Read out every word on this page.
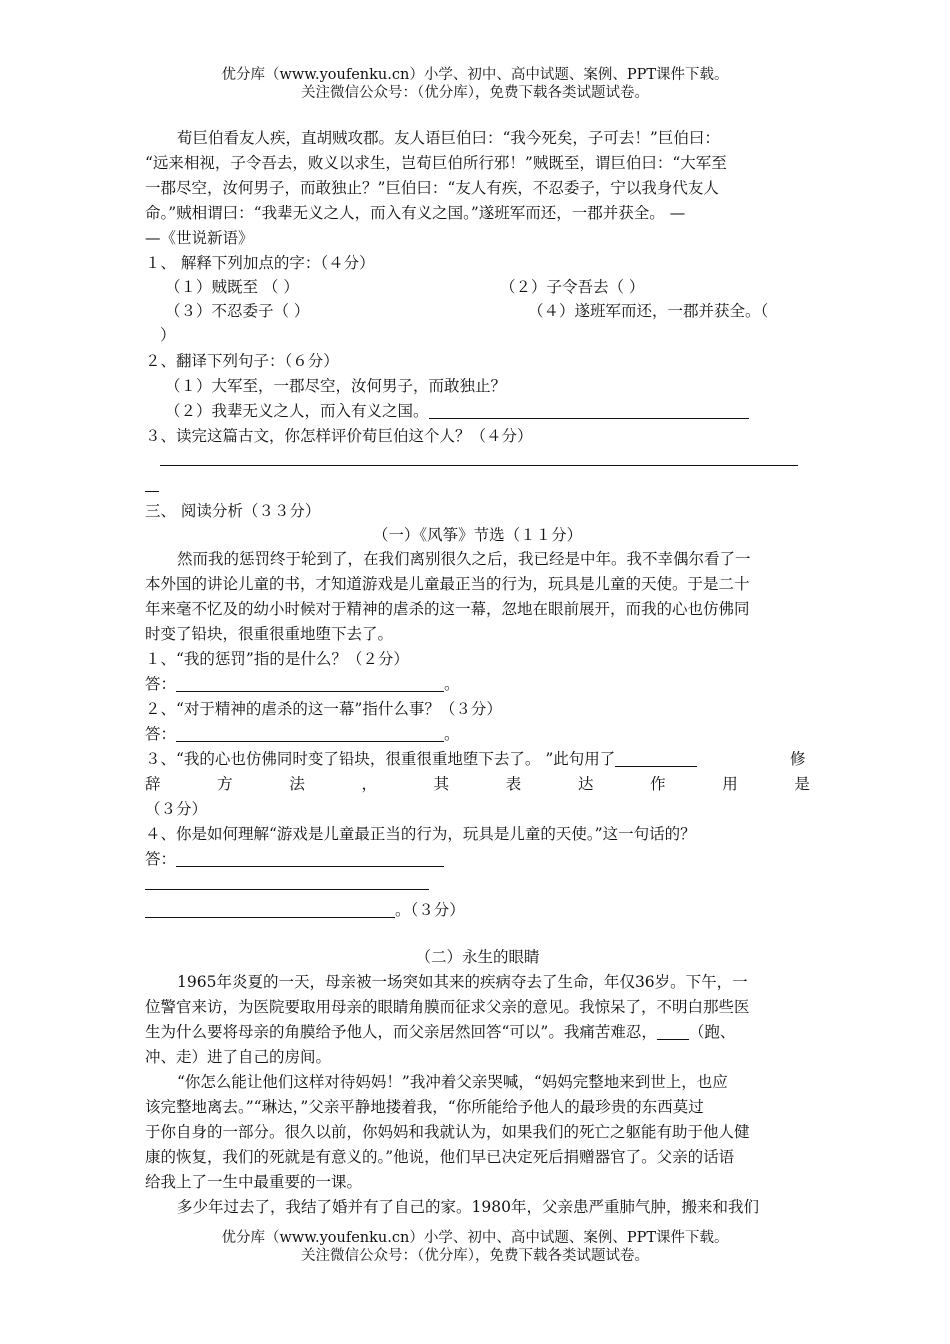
优分库（www.youfenku.cn）小学、初中、高中试题、案例、PPT课件下载。
关注微信公众号：（优分库），免费下载各类试题试卷。
荀巨伯看友人疾，直胡贼攻郡。友人语巨伯曰：“我今死矣，子可去！”巨伯曰：
“远来相视，子令吾去，败义以求生，岂荀巨伯所行邪！”贼既至，谓巨伯曰：“大军至
一郡尽空，汝何男子，而敢独止？”巨伯曰：“友人有疾，不忍委子，宁以我身代友人
命。”贼相谓曰：“我辈无义之人，而入有义之国。”遂班军而还，一郡并获全。 —
—《世说新语》
１、 解释下列加点的字：（４分）
（１）贼既至 （ ）	（２）子令吾去（ ）
（３）不忍委子（ ）	（４）遂班军而还，一郡并获全。（
）
２、翻译下列句子：（６分）
（１）大军至，一郡尽空，汝何男子，而敢独止？
（２）我辈无义之人，而入有义之国。
３、读完这篇古文，你怎样评价荀巨伯这个人？（４分）
三、 阅读分析（３３分）
（一）《风筝》节选（１１分）
然而我的惩罚终于轮到了，在我们离别很久之后，我已经是中年。我不幸偶尔看了一
本外国的讲论儿童的书，才知道游戏是儿童最正当的行为，玩具是儿童的天使。于是二十
年来毫不忆及的幼小时候对于精神的虐杀的这一幕，忽地在眼前展开，而我的心也仿佛同
时变了铅块，很重很重地堕下去了。
１、“我的惩罚”指的是什么？（２分）
答：	。
２、“对于精神的虐杀的这一幕”指什么事？（３分）
答：	。
３、“我的心也仿佛同时变了铅块，很重很重地堕下去了。 ”此句用了	修
辞	方	法	，	其	表	达	作	用	是
（３分）
４、你是如何理解“游戏是儿童最正当的行为，玩具是儿童的天使。”这一句话的？
答：
。（３分）
（二）永生的眼睛
1965年炎夏的一天，母亲被一场突如其来的疾病夺去了生命，年仅36岁。下午，一
位警官来访，为医院要取用母亲的眼睛角膜而征求父亲的意见。我惊呆了，不明白那些医
生为什么要将母亲的角膜给予他人，而父亲居然回答“可以”。我痛苦难忍， （跑、
冲、走）进了自己的房间。
“你怎么能让他们这样对待妈妈！”我冲着父亲哭喊，“妈妈完整地来到世上，也应
该完整地离去。”“琳达，”父亲平静地搂着我，“你所能给予他人的最珍贵的东西莫过
于你自身的一部分。很久以前，你妈妈和我就认为，如果我们的死亡之躯能有助于他人健
康的恢复，我们的死就是有意义的。”他说，他们早已决定死后捐赠器官了。父亲的话语
给我上了一生中最重要的一课。
多少年过去了，我结了婚并有了自己的家。1980年，父亲患严重肺气肿，搬来和我们
优分库（www.youfenku.cn）小学、初中、高中试题、案例、PPT课件下载。
关注微信公众号：（优分库），免费下载各类试题试卷。
